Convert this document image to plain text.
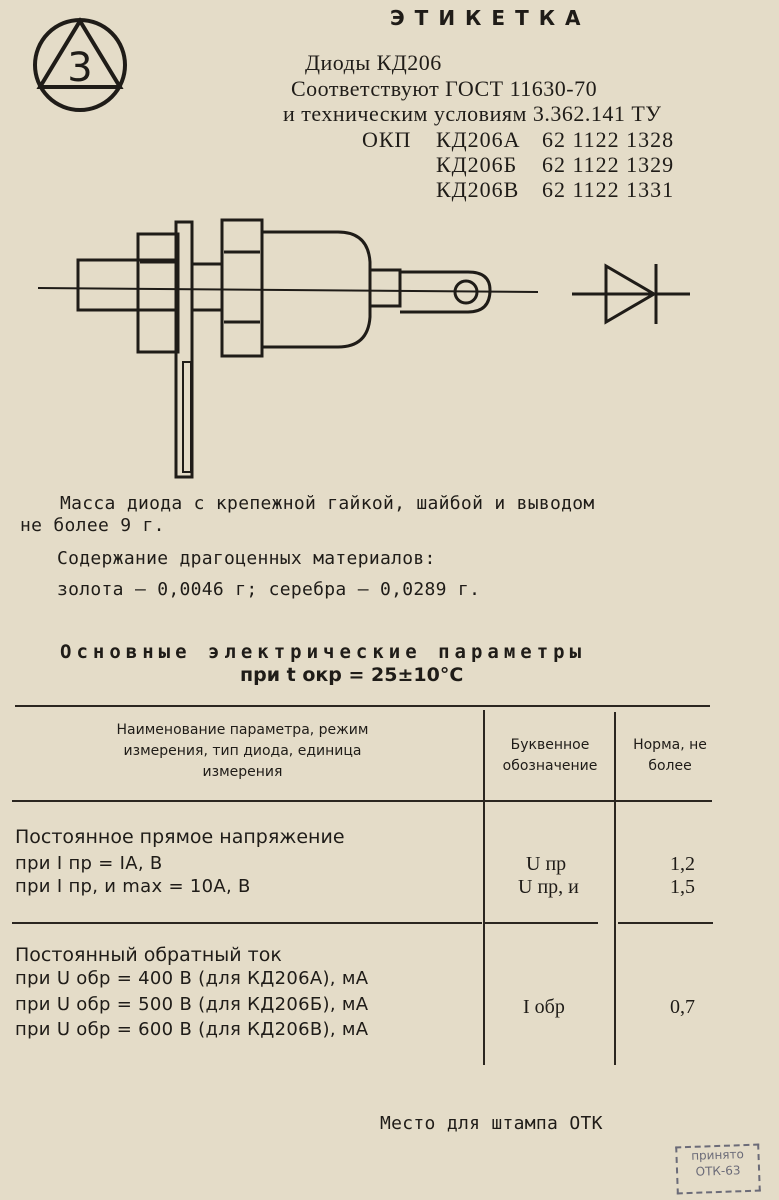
3
ЭТИКЕТКА
Диоды КД206
Соответствуют ГОСТ 11630-70
и техническим условиям 3.362.141 ТУ
ОКП КД206А 62 1122 1328
КД206Б 62 1122 1329
КД206В 62 1122 1331
Масса диода с крепежной гайкой, шайбой и выводом
не более 9 г.
Содержание драгоценных материалов:
золота — 0,0046 г; серебра — 0,0289 г.
Основные электрические параметры
при t окр = 25±10°C
Наименование параметра, режим измерения, тип диода, единица измерения
Буквенное обозначение
Норма, не более
Постоянное прямое напряжение
при I пр = IA, В
при I пр, и max = 10A, В
U пр
U пр, и
1,2
1,5
Постоянный обратный ток
при U обр = 400 В (для КД206А), мА
при U обр = 500 В (для КД206Б), мА
при U обр = 600 В (для КД206В), мА
I обр	0,7
Место для штампа ОТК
принято
ОТК-63
